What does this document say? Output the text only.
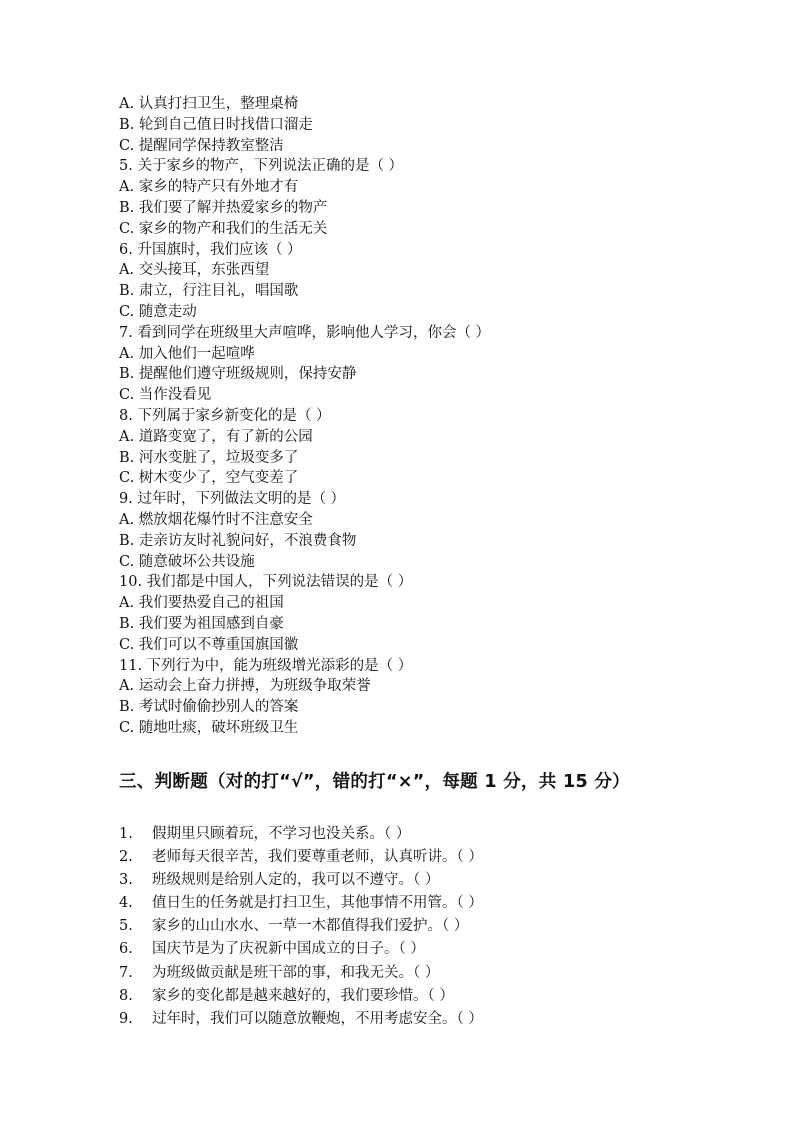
A. 认真打扫卫生，整理桌椅
B. 轮到自己值日时找借口溜走
C. 提醒同学保持教室整洁
5. 关于家乡的物产，下列说法正确的是（ ）
A. 家乡的特产只有外地才有
B. 我们要了解并热爱家乡的物产
C. 家乡的物产和我们的生活无关
6. 升国旗时，我们应该（ ）
A. 交头接耳，东张西望
B. 肃立，行注目礼，唱国歌
C. 随意走动
7. 看到同学在班级里大声喧哗，影响他人学习，你会（ ）
A. 加入他们一起喧哗
B. 提醒他们遵守班级规则，保持安静
C. 当作没看见
8. 下列属于家乡新变化的是（ ）
A. 道路变宽了，有了新的公园
B. 河水变脏了，垃圾变多了
C. 树木变少了，空气变差了
9. 过年时，下列做法文明的是（ ）
A. 燃放烟花爆竹时不注意安全
B. 走亲访友时礼貌问好，不浪费食物
C. 随意破坏公共设施
10. 我们都是中国人，下列说法错误的是（ ）
A. 我们要热爱自己的祖国
B. 我们要为祖国感到自豪
C. 我们可以不尊重国旗国徽
11. 下列行为中，能为班级增光添彩的是（ ）
A. 运动会上奋力拼搏，为班级争取荣誉
B. 考试时偷偷抄别人的答案
C. 随地吐痰，破坏班级卫生
三、判断题（对的打“√”，错的打“×”，每题 1 分，共 15 分）
1.	假期里只顾着玩，不学习也没关系。（ ）
2.	老师每天很辛苦，我们要尊重老师，认真听讲。（ ）
3.	班级规则是给别人定的，我可以不遵守。（ ）
4.	值日生的任务就是打扫卫生，其他事情不用管。（ ）
5.	家乡的山山水水、一草一木都值得我们爱护。（ ）
6.	国庆节是为了庆祝新中国成立的日子。（ ）
7.	为班级做贡献是班干部的事，和我无关。（ ）
8.	家乡的变化都是越来越好的，我们要珍惜。（ ）
9.	过年时，我们可以随意放鞭炮，不用考虑安全。（ ）
